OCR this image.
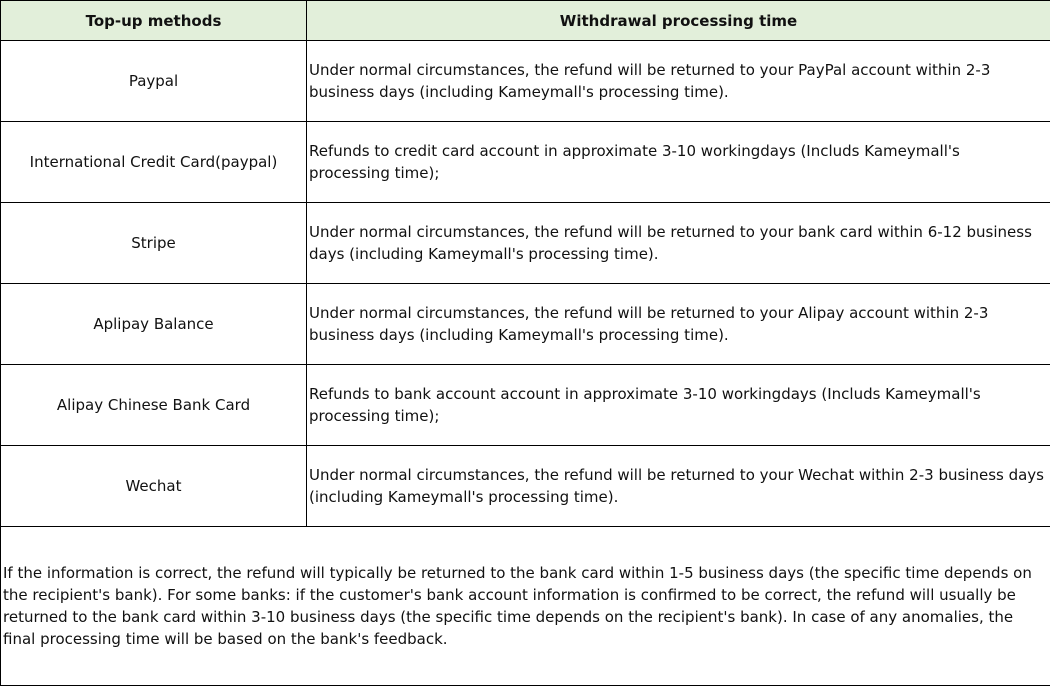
Top-up methods	Withdrawal processing time
Paypal	Under normal circumstances, the refund will be returned to your PayPal account within 2-3 business days (including Kameymall's processing time).
International Credit Card(paypal)	Refunds to credit card account in approximate 3-10 workingdays (Includs Kameymall's processing time);
Stripe	Under normal circumstances, the refund will be returned to your bank card within 6-12 business days (including Kameymall's processing time).
Aplipay Balance	Under normal circumstances, the refund will be returned to your Alipay account within 2-3 business days (including Kameymall's processing time).
Alipay Chinese Bank Card	Refunds to bank account account in approximate 3-10 workingdays (Includs Kameymall's processing time);
Wechat	Under normal circumstances, the refund will be returned to your Wechat within 2-3 business days (including Kameymall's processing time).

If the information is correct, the refund will typically be returned to the bank card within 1-5 business days (the specific time depends on the recipient's bank). For some banks: if the customer's bank account information is confirmed to be correct, the refund will usually be returned to the bank card within 3-10 business days (the specific time depends on the recipient's bank). In case of any anomalies, the final processing time will be based on the bank's feedback.	
